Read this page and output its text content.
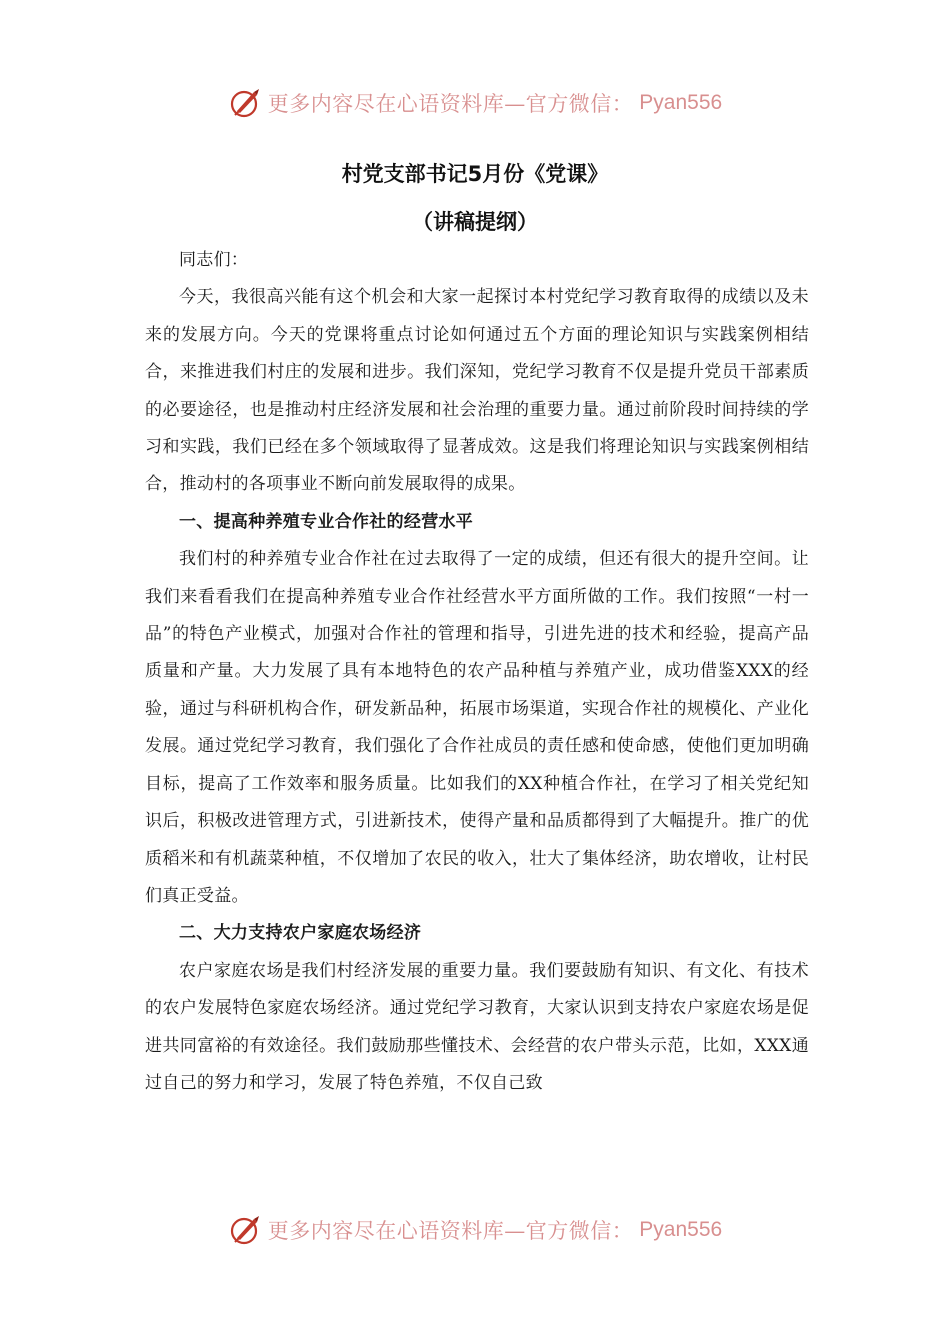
更多内容尽在心语资料库—官方微信： Pyan556
村党支部书记5月份《党课》
（讲稿提纲）

同志们：

今天，我很高兴能有这个机会和大家一起探讨本村党纪学习教育取得的成绩以及未来的发展方向。今天的党课将重点讨论如何通过五个方面的理论知识与实践案例相结合，来推进我们村庄的发展和进步。我们深知，党纪学习教育不仅是提升党员干部素质的必要途径，也是推动村庄经济发展和社会治理的重要力量。通过前阶段时间持续的学习和实践，我们已经在多个领域取得了显著成效。这是我们将理论知识与实践案例相结合，推动村的各项事业不断向前发展取得的成果。

一、提高种养殖专业合作社的经营水平

我们村的种养殖专业合作社在过去取得了一定的成绩，但还有很大的提升空间。让我们来看看我们在提高种养殖专业合作社经营水平方面所做的工作。我们按照“一村一品”的特色产业模式，加强对合作社的管理和指导，引进先进的技术和经验，提高产品质量和产量。大力发展了具有本地特色的农产品种植与养殖产业，成功借鉴XXX的经验，通过与科研机构合作，研发新品种，拓展市场渠道，实现合作社的规模化、产业化发展。通过党纪学习教育，我们强化了合作社成员的责任感和使命感，使他们更加明确目标，提高了工作效率和服务质量。比如我们的XX种植合作社，在学习了相关党纪知识后，积极改进管理方式，引进新技术，使得产量和品质都得到了大幅提升。推广的优质稻米和有机蔬菜种植，不仅增加了农民的收入，壮大了集体经济，助农增收，让村民们真正受益。

二、大力支持农户家庭农场经济

农户家庭农场是我们村经济发展的重要力量。我们要鼓励有知识、有文化、有技术的农户发展特色家庭农场经济。通过党纪学习教育，大家认识到支持农户家庭农场是促进共同富裕的有效途径。我们鼓励那些懂技术、会经营的农户带头示范，比如，XXX通过自己的努力和学习，发展了特色养殖，不仅自己致

更多内容尽在心语资料库—官方微信： Pyan556
